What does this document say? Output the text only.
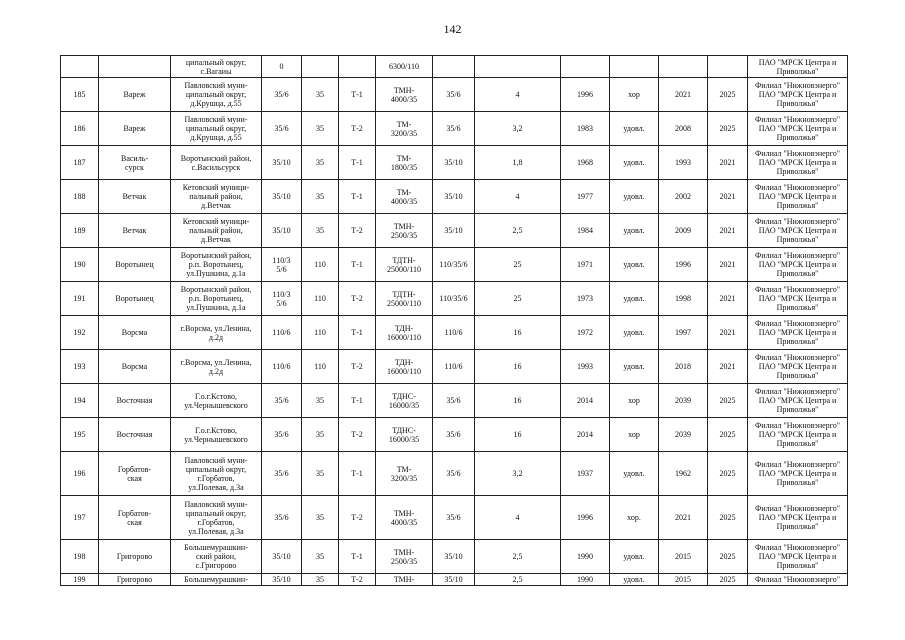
142
		ципальный округ,
с.Вагаиы	0			6300/110							ПАО "МРСК Центра и
Приволжья"
185	Вареж	Павловский муни-
ципальный округ,
д.Крушца, д.55	35/6	35	Т-1	ТМН-
4000/35	35/6	4	1996	хор	2021	2025	Филиал "Нижновэнерго"
ПАО "МРСК Центра и
Приволжья"
186	Вареж	Павловский муни-
ципальный округ,
д.Крушца, д.55	35/6	35	Т-2	ТМ-
3200/35	35/6	3,2	1983	удовл.	2008	2025	Филиал "Нижновэнерго"
ПАО "МРСК Центра и
Приволжья"
187	Василь-
сурск	Воротынский район,
с.Васильсурск	35/10	35	Т-1	ТМ-
1800/35	35/10	1,8	1968	удовл.	1993	2021	Филиал "Нижновэнерго"
ПАО "МРСК Центра и
Приволжья"
188	Ветчак	Кетовский муници-
пальный район,
д.Ветчак	35/10	35	Т-1	ТМ-
4000/35	35/10	4	1977	удовл.	2002	2021	Филиал "Нижновэнерго"
ПАО "МРСК Центра и
Приволжья"
189	Ветчак	Кетовский муници-
пальный район,
д.Ветчак	35/10	35	Т-2	ТМН-
2500/35	35/10	2,5	1984	удовл.	2009	2021	Филиал "Нижновэнерго"
ПАО "МРСК Центра и
Приволжья"
190	Воротынец	Воротынский район,
р.п. Воротынец,
ул.Пушкина, д.1а	110/3
5/6	110	Т-1	ТДТН-
25000/110	110/35/6	25	1971	удовл.	1996	2021	Филиал "Нижновэнерго"
ПАО "МРСК Центра и
Приволжья"
191	Воротынец	Воротынский район,
р.п. Воротынец,
ул.Пушкина, д.1а	110/3
5/6	110	Т-2	ТДТН-
25000/110	110/35/6	25	1973	удовл.	1998	2021	Филиал "Нижновэнерго"
ПАО "МРСК Центра и
Приволжья"
192	Ворсма	г.Ворсма, ул.Ленина,
д.2д	110/6	110	Т-1	ТДН-
16000/110	110/6	16	1972	удовл.	1997	2021	Филиал "Нижновэнерго"
ПАО "МРСК Центра и
Приволжья"
193	Ворсма	г.Ворсма, ул.Ленина,
д.2д	110/6	110	Т-2	ТДН-
16000/110	110/6	16	1993	удовл.	2018	2021	Филиал "Нижновэнерго"
ПАО "МРСК Центра и
Приволжья"
194	Восточная	Г.о.г.Кстово,
ул.Чернышевского	35/6	35	Т-1	ТДНС-
16000/35	35/6	16	2014	хор	2039	2025	Филиал "Нижновэнерго"
ПАО "МРСК Центра и
Приволжья"
195	Восточная	Г.о.г.Кстово,
ул.Чернышевского	35/6	35	Т-2	ТДНС-
16000/35	35/6	16	2014	хор	2039	2025	Филиал "Нижновэнерго"
ПАО "МРСК Центра и
Приволжья"
196	Горбатов-
ская	Павловский муни-
ципальный округ,
г.Горбатов,
ул.Полевая, д.3а	35/6	35	Т-1	ТМ-
3200/35	35/6	3,2	1937	удовл.	1962	2025	Филиал "Нижновэнерго"
ПАО "МРСК Центра и
Приволжья"
197	Горбатов-
ская	Павловский муни-
ципальный округ,
г.Горбатов,
ул.Полевая, д.3а	35/6	35	Т-2	ТМН-
4000/35	35/6	4	1996	хор.	2021	2025	Филиал "Нижновэнерго"
ПАО "МРСК Центра и
Приволжья"
198	Григорово	Большемурашкин-
ский район,
с.Григорово	35/10	35	Т-1	ТМН-
2500/35	35/10	2,5	1990	удовл.	2015	2025	Филиал "Нижновэнерго"
ПАО "МРСК Центра и
Приволжья"
199	Григорово	Большемурашкин-	35/10	35	Т-2	ТМН-	35/10	2,5	1990	удовл.	2015	2025	Филиал "Нижновэнерго"
